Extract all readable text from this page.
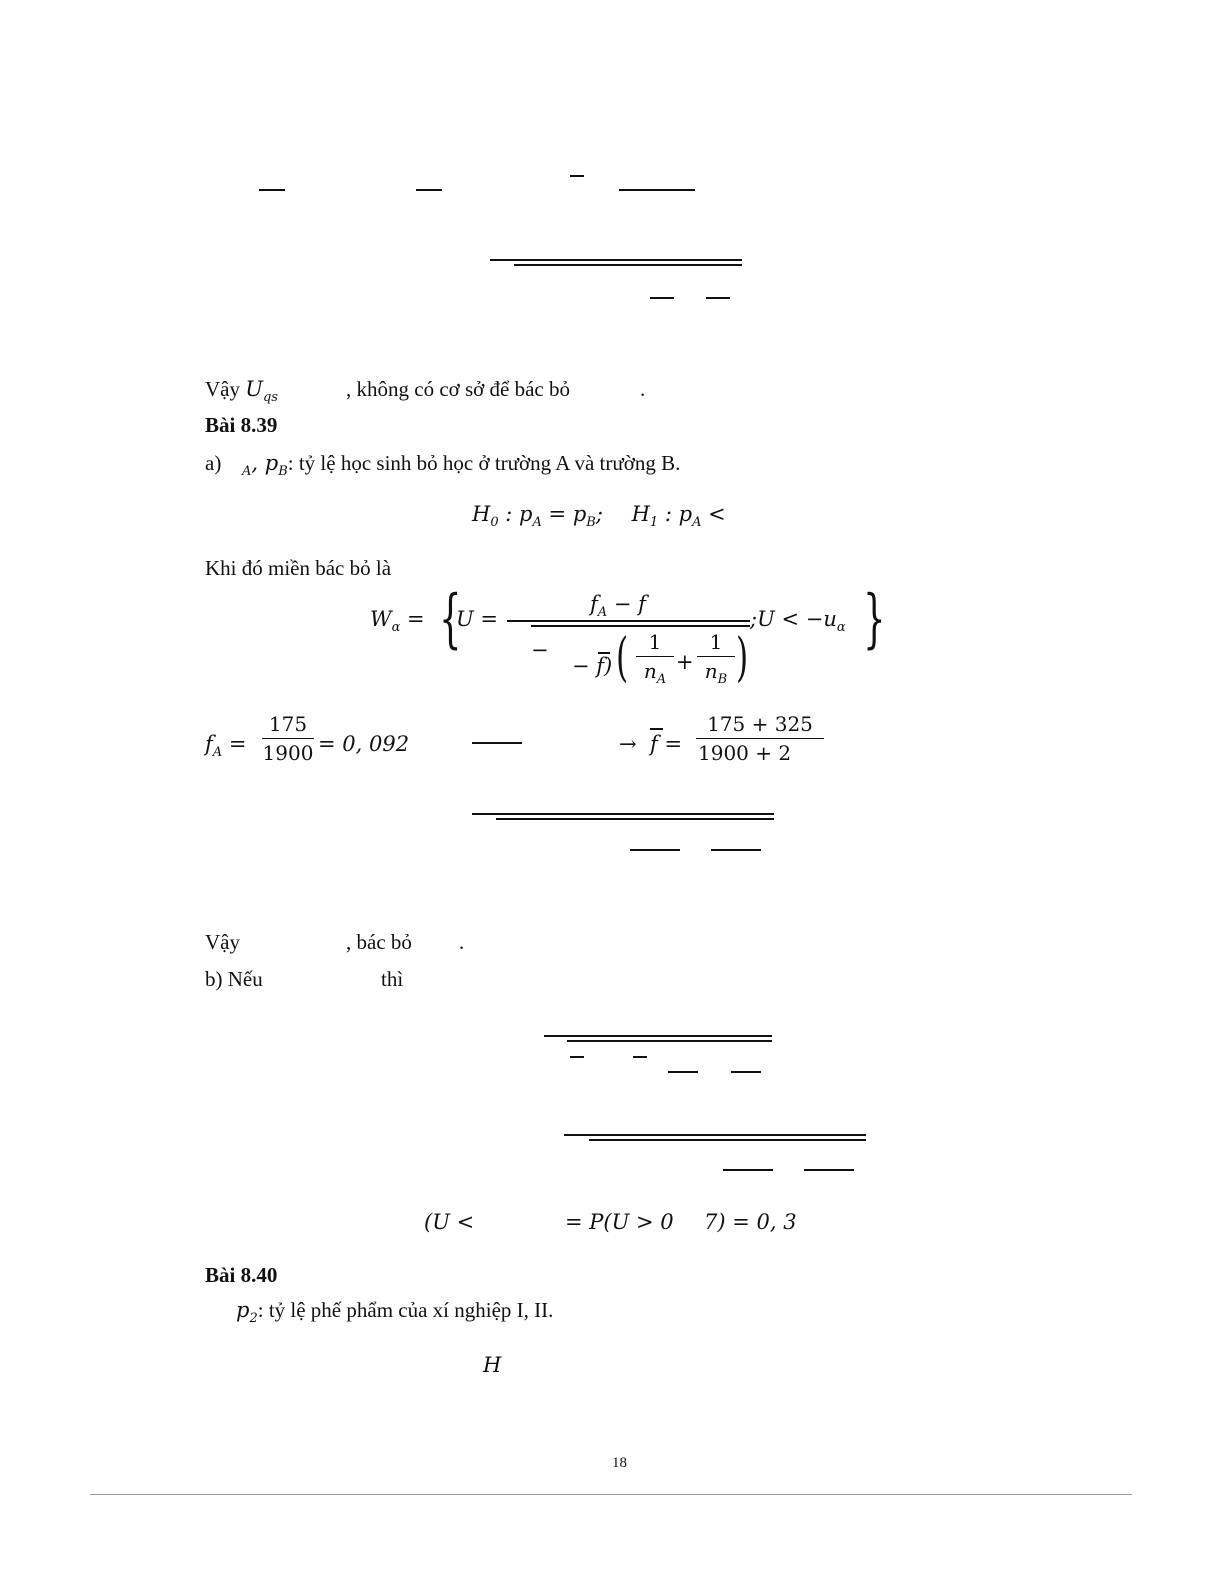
Vậy $U_{qs}$	, không có cơ sở để bác bỏ	.
Bài 8.39
a) $_A$, $p_B$: tỷ lệ học sinh bỏ học ở trường A và trường B.
$H_0$ : $p_A = p_B$; $H_1$ : $p_A$ <
Khi đó miền bác bỏ là
$W_\alpha$ = {
U =
$f_A - f$
;U < $-u_\alpha$ }
−
− f) (	1
$n_A$
+
1
$n_B$ )
$f_A$ =
175
1900 = 0, 092	→ f =
175 + 325
1900 + 2
Vậy	, bác bỏ .
b) Nếu	thì
(U <	= P(U > 0 7) = 0, 3
Bài 8.40
$p_2$: tỷ lệ phế phẩm của xí nghiệp I, II.
H
18
